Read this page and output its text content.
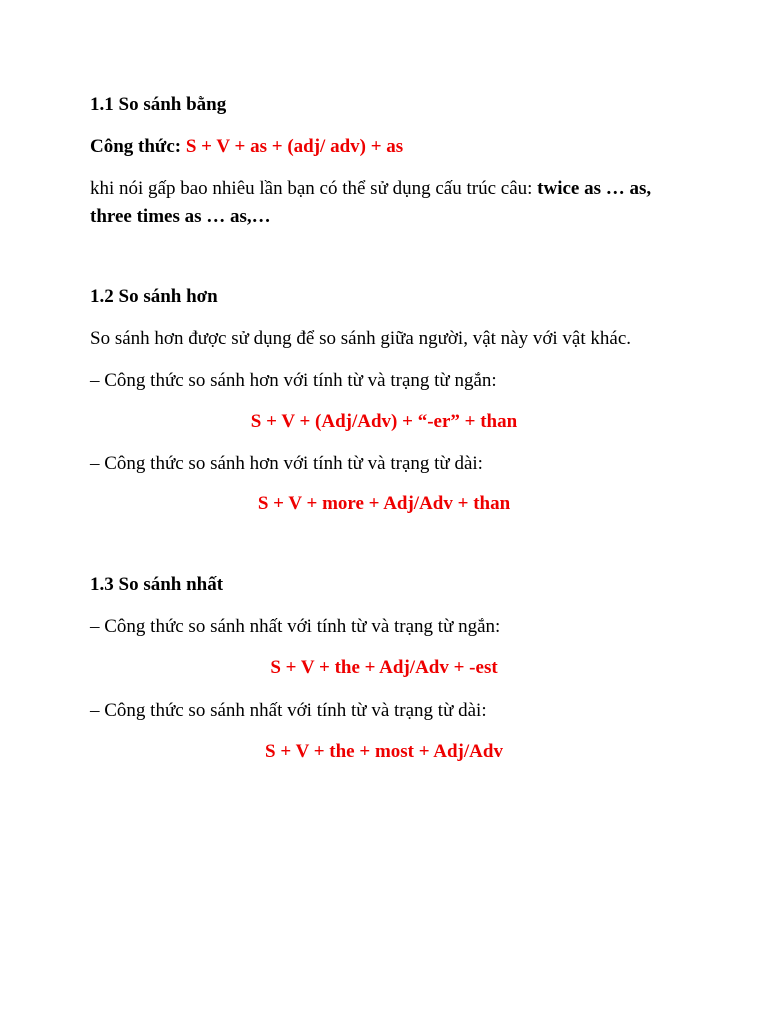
1.1 So sánh bằng
Công thức: S + V + as + (adj/ adv) + as
khi nói gấp bao nhiêu lần bạn có thể sử dụng cấu trúc câu: twice as … as, three times as … as,…
1.2 So sánh hơn
So sánh hơn được sử dụng để so sánh giữa người, vật này với vật khác.
– Công thức so sánh hơn với tính từ và trạng từ ngắn:
S + V + (Adj/Adv) + “-er” + than
– Công thức so sánh hơn với tính từ và trạng từ dài:
S + V + more + Adj/Adv + than
1.3 So sánh nhất
– Công thức so sánh nhất với tính từ và trạng từ ngắn:
S + V + the + Adj/Adv + -est
– Công thức so sánh nhất với tính từ và trạng từ dài:
S + V + the + most + Adj/Adv
